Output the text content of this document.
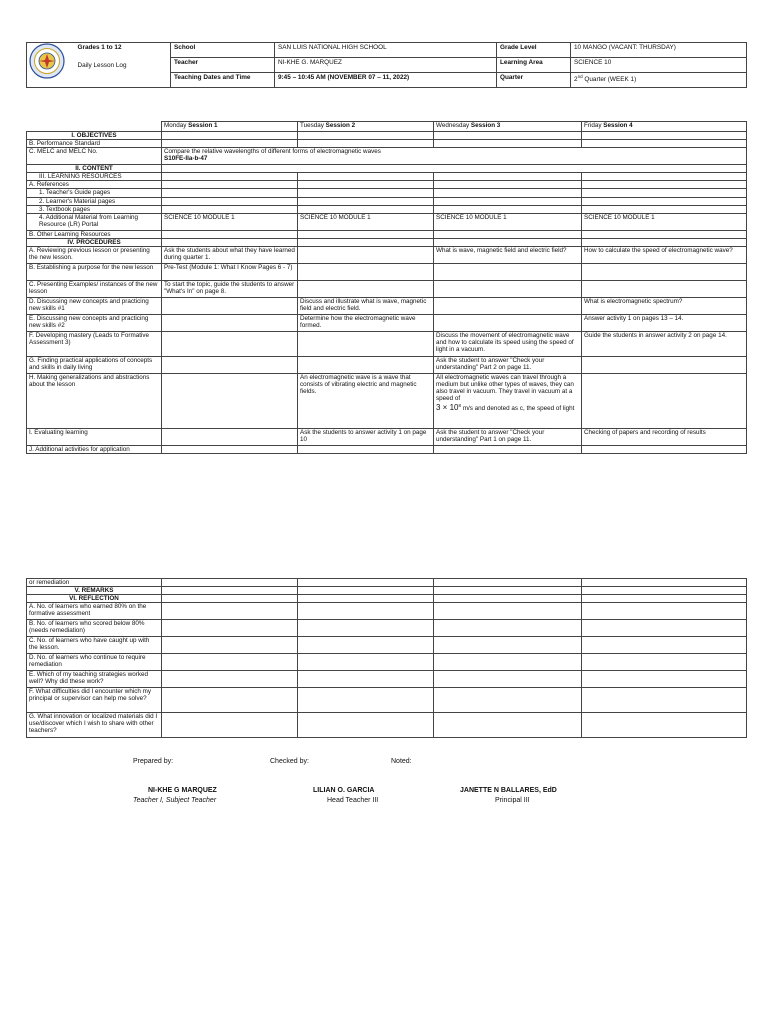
	Grades 1 to 12	School	SAN LUIS NATIONAL HIGH SCHOOL	Grade Level	10 MANGO (VACANT: THURSDAY)
	Daily Lesson Log	Teacher	NI-KHE G. MARQUEZ	Learning Area	SCIENCE 10
		Teaching Dates and Time	9:45 – 10:45 AM (NOVEMBER 07 – 11, 2022)	Quarter	2nd Quarter (WEEK 1)
	Monday Session 1	Tuesday Session 2	Wednesday Session 3	Friday Session 4
I. OBJECTIVES				
B. Performance Standard				
C. MELC and MELC No.	Compare the relative wavelengths of different forms of electromagnetic waves
S10FE-IIa-b-47			
II. CONTENT				
III. LEARNING RESOURCES				
A. References				
1. Teacher's Guide pages				
2. Learner's Material pages				
3. Textbook pages				
4. Additional Material from Learning Resource (LR) Portal	SCIENCE 10 MODULE 1	SCIENCE 10 MODULE 1	SCIENCE 10 MODULE 1	SCIENCE 10 MODULE 1
B. Other Learning Resources				
IV. PROCEDURES				
A. Reviewing previous lesson or presenting the new lesson.	Ask the students about what they have learned during quarter 1.		What is wave, magnetic field and electric field?	How to calculate the speed of electromagnetic wave?
B. Establishing a purpose for the new lesson	Pre-Test (Module 1: What I Know Pages 6 - 7)			
C. Presenting Examples/ instances of the new lesson	To start the topic, guide the students to answer "What's In" on page 8.			
D. Discussing new concepts and practicing new skills #1		Discuss and illustrate what is wave, magnetic field and electric field.		What is electromagnetic spectrum?
E. Discussing new concepts and practicing new skills #2		Determine how the electromagnetic wave formed.		Answer activity 1 on pages 13 – 14.
F. Developing mastery (Leads to Formative Assessment 3)			Discuss the movement of electromagnetic wave and how to calculate its speed using the speed of light in a vacuum.	Guide the students in answer activity 2 on page 14.
G. Finding practical applications of concepts and skills in daily living			Ask the student to answer "Check your understanding" Part 2 on page 11.	
H. Making generalizations and abstractions about the lesson		An electromagnetic wave is a wave that consists of vibrating electric and magnetic fields.	All electromagnetic waves can travel through a medium but unlike other types of waves, they can also travel in vacuum. They travel in vacuum at a speed of
$3 \times 10^8$ m/s and denoted as c, the speed of light	
I. Evaluating learning		Ask the students to answer activity 1 on page 10	Ask the student to answer "Check your understanding" Part 1 on page 11.	Checking of papers and recording of results
J. Additional activities for application				
or remediation				
V. REMARKS				
VI. REFLECTION				
A. No. of learners who earned 80% on the formative assessment				
B. No. of learners who scored below 80% (needs remediation)				
C. No. of learners who have caught up with the lesson.				
D. No. of learners who continue to require remediation				
E. Which of my teaching strategies worked well? Why did these work?				
F. What difficulties did I encounter which my principal or supervisor can help me solve?				
G. What innovation or localized materials did I use/discover which I wish to share with other teachers?				
Prepared by:	Checked by:	Noted:
NI-KHE G MARQUEZ
Teacher I, Subject Teacher
LILIAN O. GARCIA
Head Teacher III
JANETTE N BALLARES, EdD
Principal III
